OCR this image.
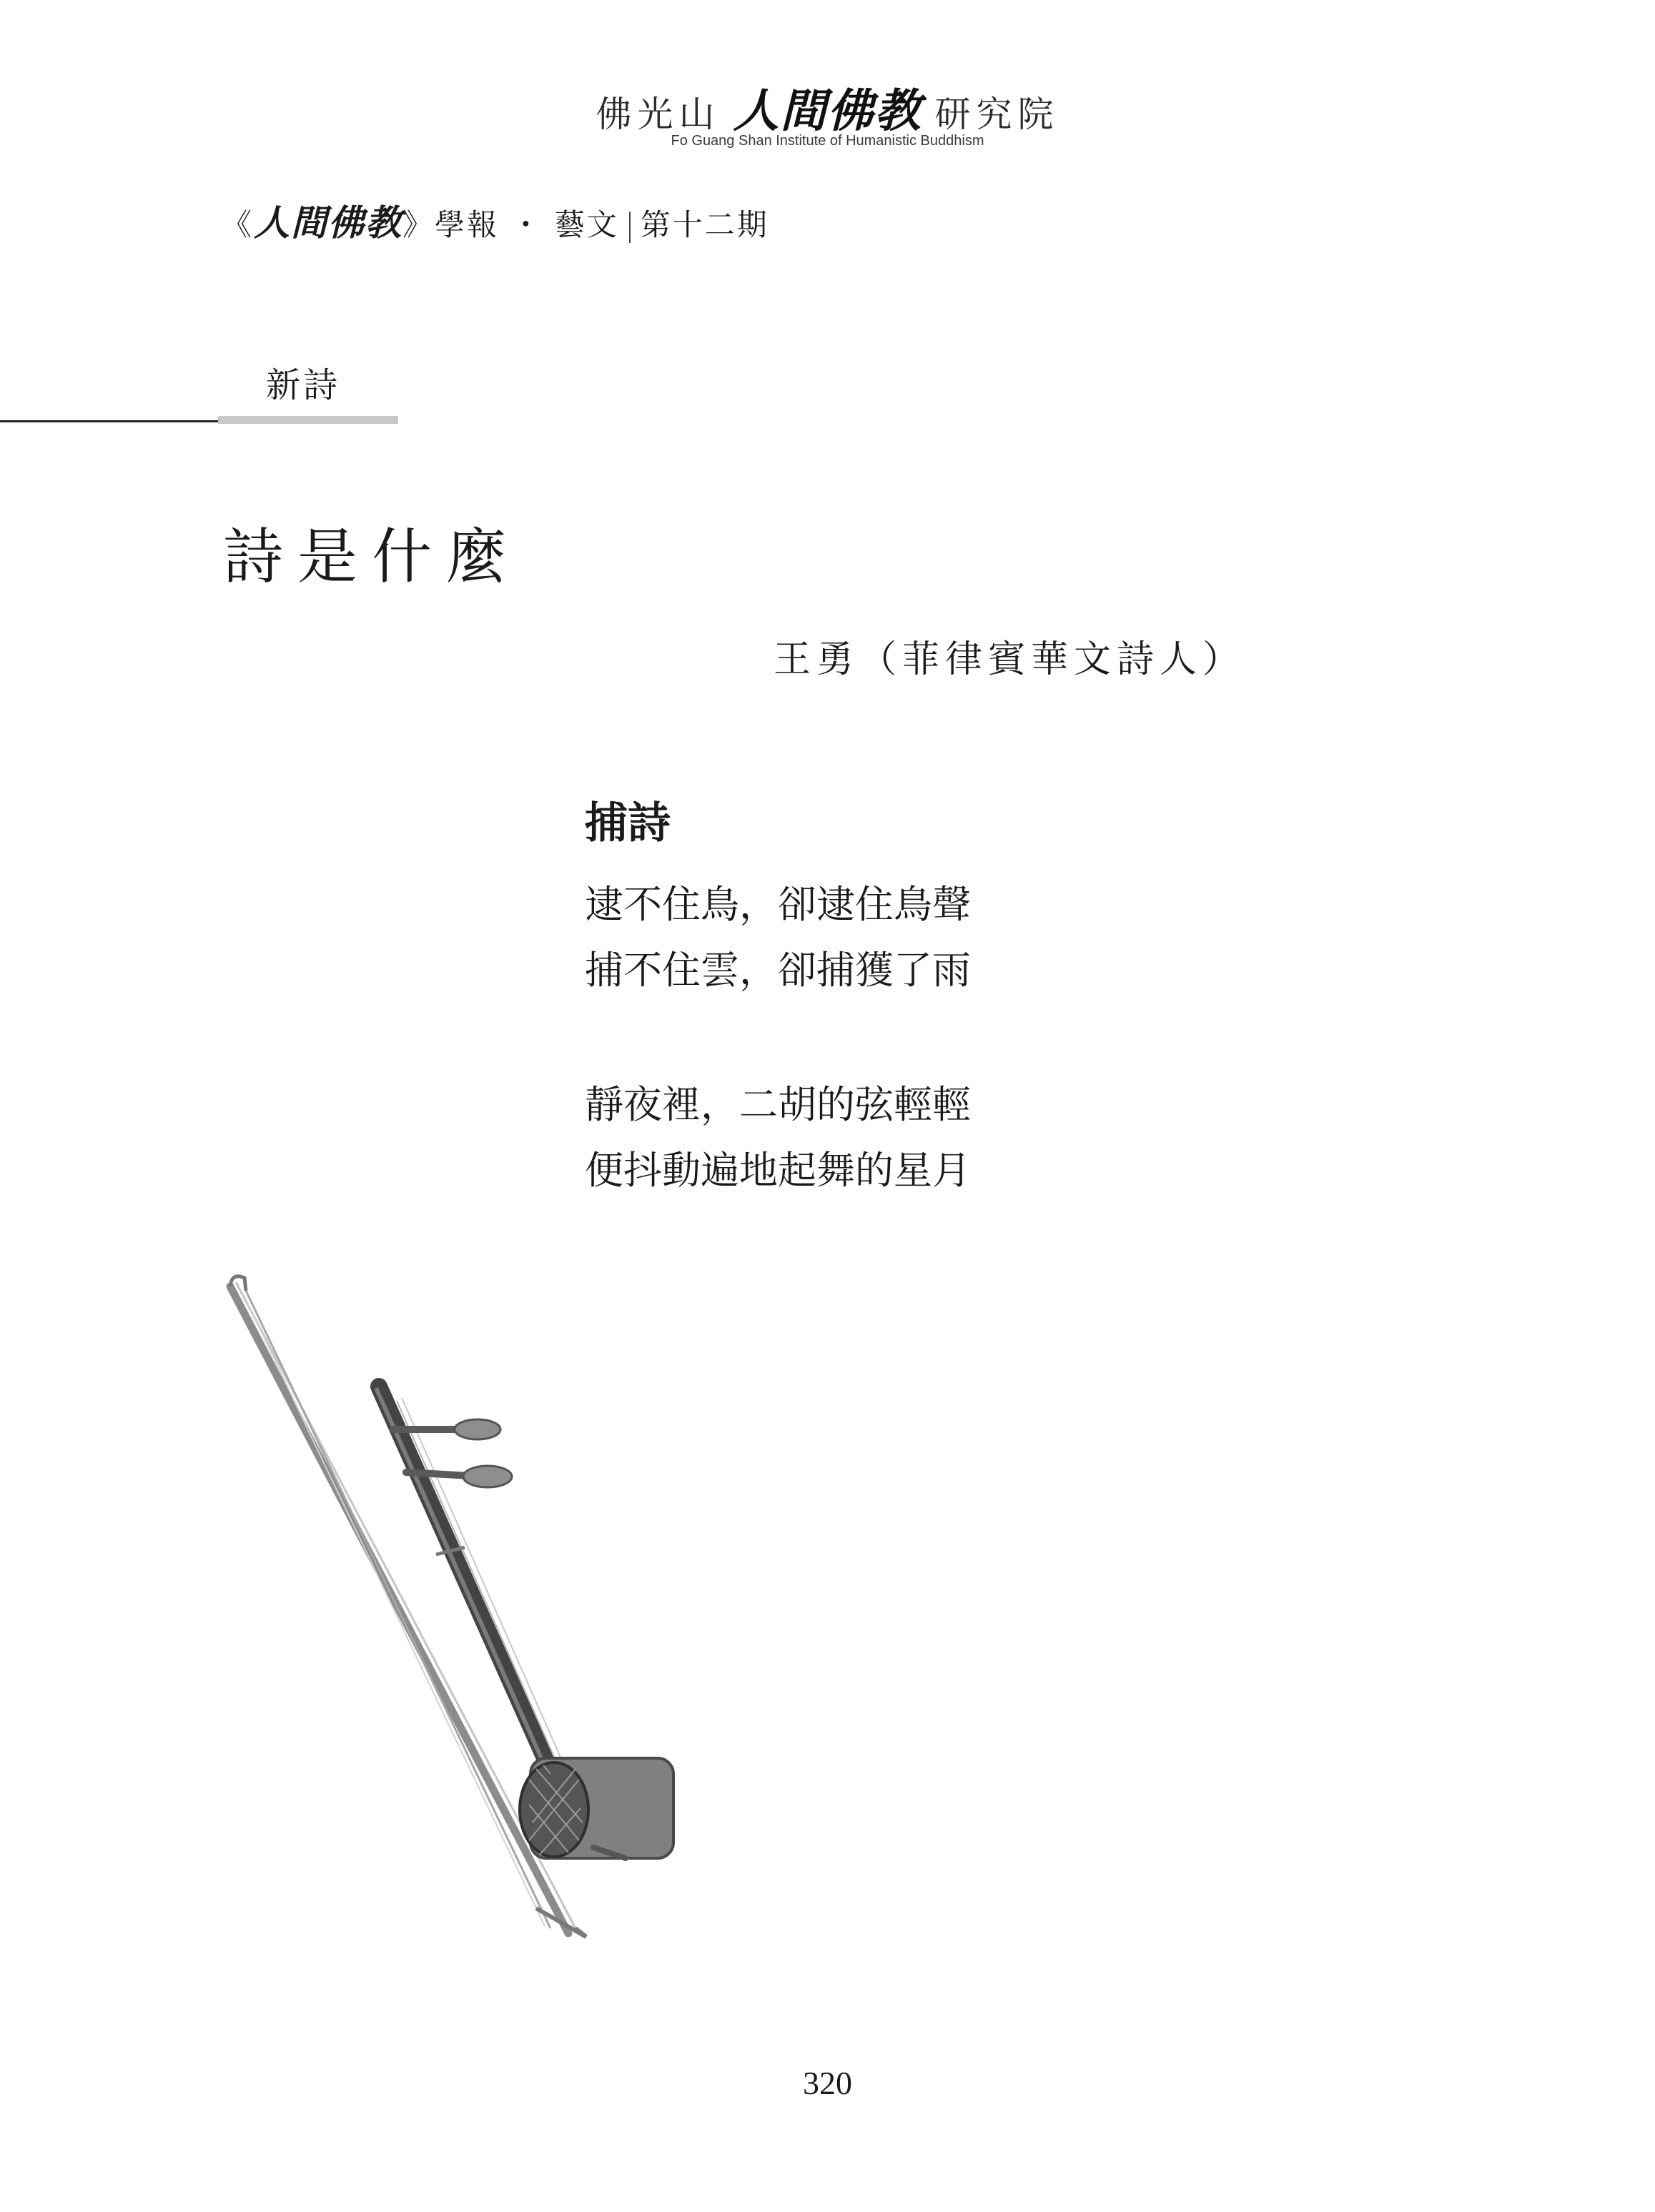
佛光山 人間佛教 研究院
Fo Guang Shan Institute of Humanistic Buddhism
《人間佛教》學報 ・ 藝文 第十二期
新詩
詩是什麼
王勇（菲律賓華文詩人）
捕詩
逮不住鳥，卻逮住鳥聲
捕不住雲，卻捕獲了雨
靜夜裡，二胡的弦輕輕
便抖動遍地起舞的星月
320
